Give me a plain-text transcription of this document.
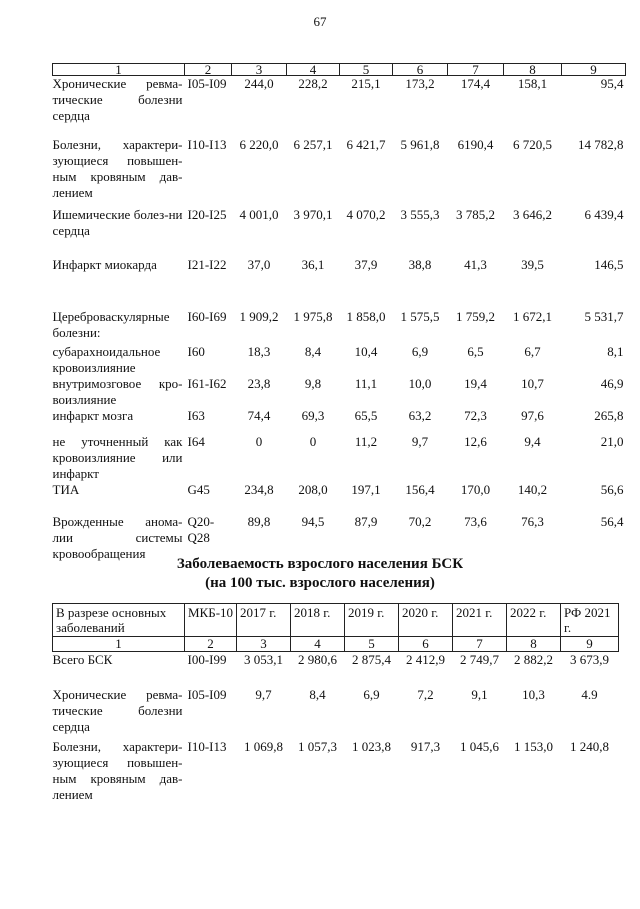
67
1	2	3	4	5	6	7	8	9
Хронические ревма-тические болезни сердца	I05-I09	244,0	228,2	215,1	173,2	174,4	158,1	95,4
Болезни, характери-зующиеся повышен-ным кровяным дав-лением	I10-I13	6 220,0	6 257,1	6 421,7	5 961,8	6190,4	6 720,5	14 782,8
Ишемические болез-ни сердца	I20-I25	4 001,0	3 970,1	4 070,2	3 555,3	3 785,2	3 646,2	6 439,4
Инфаркт миокарда	I21-I22	37,0	36,1	37,9	38,8	41,3	39,5	146,5
Цереброваскулярные болезни:	I60-I69	1 909,2	1 975,8	1 858,0	1 575,5	1 759,2	1 672,1	5 531,7
субарахноидальное кровоизлияние	I60	18,3	8,4	10,4	6,9	6,5	6,7	8,1
внутримозговое кро-воизлияние	I61-I62	23,8	9,8	11,1	10,0	19,4	10,7	46,9
инфаркт мозга	I63	74,4	69,3	65,5	63,2	72,3	97,6	265,8
не уточненный как кровоизлияние или инфаркт	I64	0	0	11,2	9,7	12,6	9,4	21,0
ТИА	G45	234,8	208,0	197,1	156,4	170,0	140,2	56,6
Врожденные анома-лии системы кровообращения	Q20-Q28	89,8	94,5	87,9	70,2	73,6	76,3	56,4
Заболеваемость взрослого населения БСК
(на 100 тыс. взрослого населения)
В разрезе основных заболеваний	МКБ-10	2017 г.	2018 г.	2019 г.	2020 г.	2021 г.	2022 г.	РФ 2021 г.
1	2	3	4	5	6	7	8	9
Всего БСК	I00-I99	3 053,1	2 980,6	2 875,4	2 412,9	2 749,7	2 882,2	3 673,9
Хронические ревма-тические болезни сердца	I05-I09	9,7	8,4	6,9	7,2	9,1	10,3	4.9
Болезни, характери-зующиеся повышен-ным кровяным дав-лением	I10-I13	1 069,8	1 057,3	1 023,8	917,3	1 045,6	1 153,0	1 240,8
